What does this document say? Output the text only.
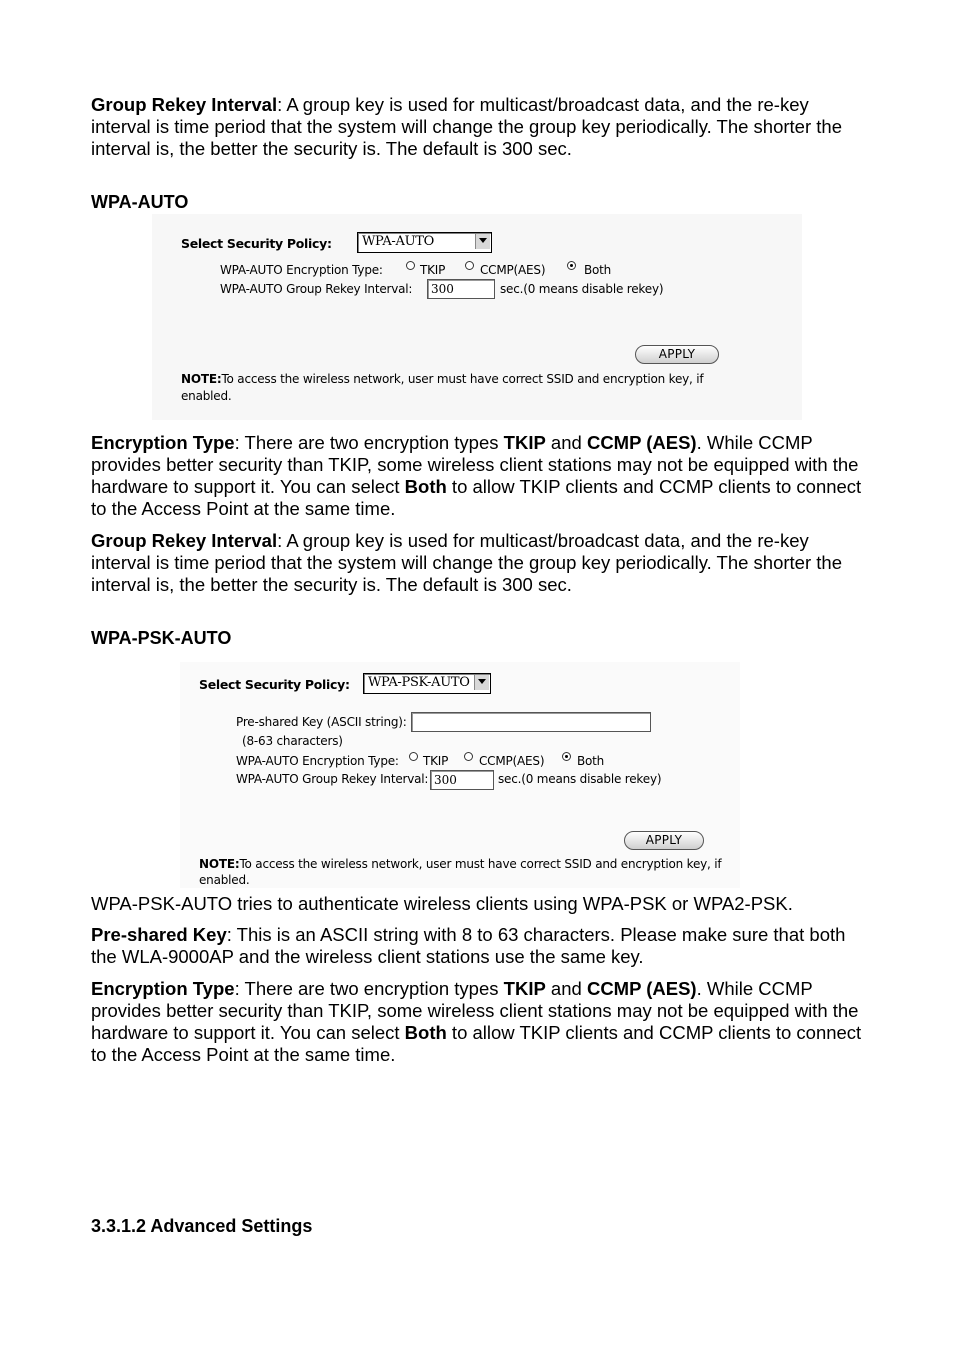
Group Rekey Interval: A group key is used for multicast/broadcast data, and the re-key interval is time period that the system will change the group key periodically. The shorter the interval is, the better the security is. The default is 300 sec.

WPA-AUTO
Select Security Policy: WPA-AUTO
WPA-AUTO Encryption Type:	TKIP	CCMP(AES)	Both
WPA-AUTO Group Rekey Interval:	300	sec.(0 means disable rekey)
APPLY
NOTE:To access the wireless network, user must have correct SSID and encryption key, if
enabled.

Encryption Type: There are two encryption types TKIP and CCMP (AES). While CCMP provides better security than TKIP, some wireless client stations may not be equipped with the hardware to support it. You can select Both to allow TKIP clients and CCMP clients to connect to the Access Point at the same time.

Group Rekey Interval: A group key is used for multicast/broadcast data, and the re-key interval is time period that the system will change the group key periodically. The shorter the interval is, the better the security is. The default is 300 sec.

WPA-PSK-AUTO
Select Security Policy: WPA-PSK-AUTO
Pre-shared Key (ASCII string):
(8-63 characters)
WPA-AUTO Encryption Type: TKIP	CCMP(AES)	Both
WPA-AUTO Group Rekey Interval: 300	sec.(0 means disable rekey)
APPLY
NOTE:To access the wireless network, user must have correct SSID and encryption key, if
enabled.

WPA-PSK-AUTO tries to authenticate wireless clients using WPA-PSK or WPA2-PSK.

Pre-shared Key: This is an ASCII string with 8 to 63 characters. Please make sure that both the WLA-9000AP and the wireless client stations use the same key.

Encryption Type: There are two encryption types TKIP and CCMP (AES). While CCMP provides better security than TKIP, some wireless client stations may not be equipped with the hardware to support it. You can select Both to allow TKIP clients and CCMP clients to connect to the Access Point at the same time.

3.3.1.2 Advanced Settings
